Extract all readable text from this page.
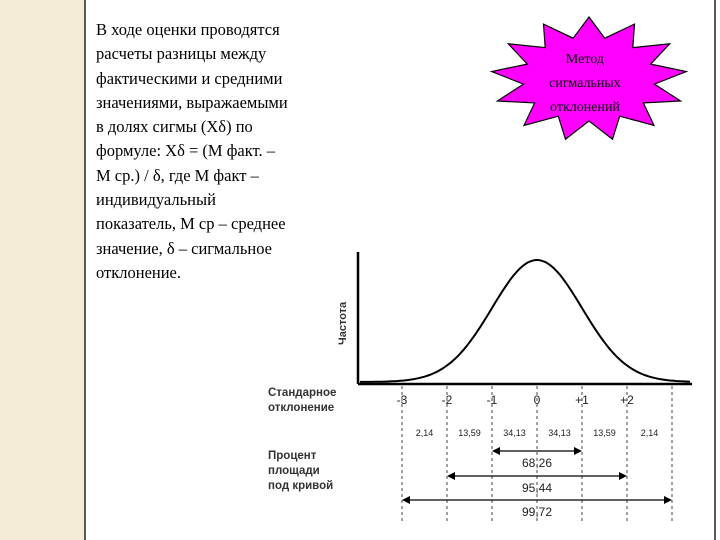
В ходе оценки проводятся
расчеты разницы между
фактическими и средними
значениями, выражаемыми
в долях сигмы (Xδ) по
формуле: Xδ = (М факт. –
М ср.) / δ, где М факт –
индивидуальный
показатель, М ср – среднее
значение, δ – сигмальное
отклонение.
Частота
-3	-2	-1	0	+1	+2
2,14	13,59 34,13 34,13 13,59	2,14
68,26
95,44
99,72
Стандарное
отклонение
Процент
площади
под кривой
Метод
сигмальных
отклонений
